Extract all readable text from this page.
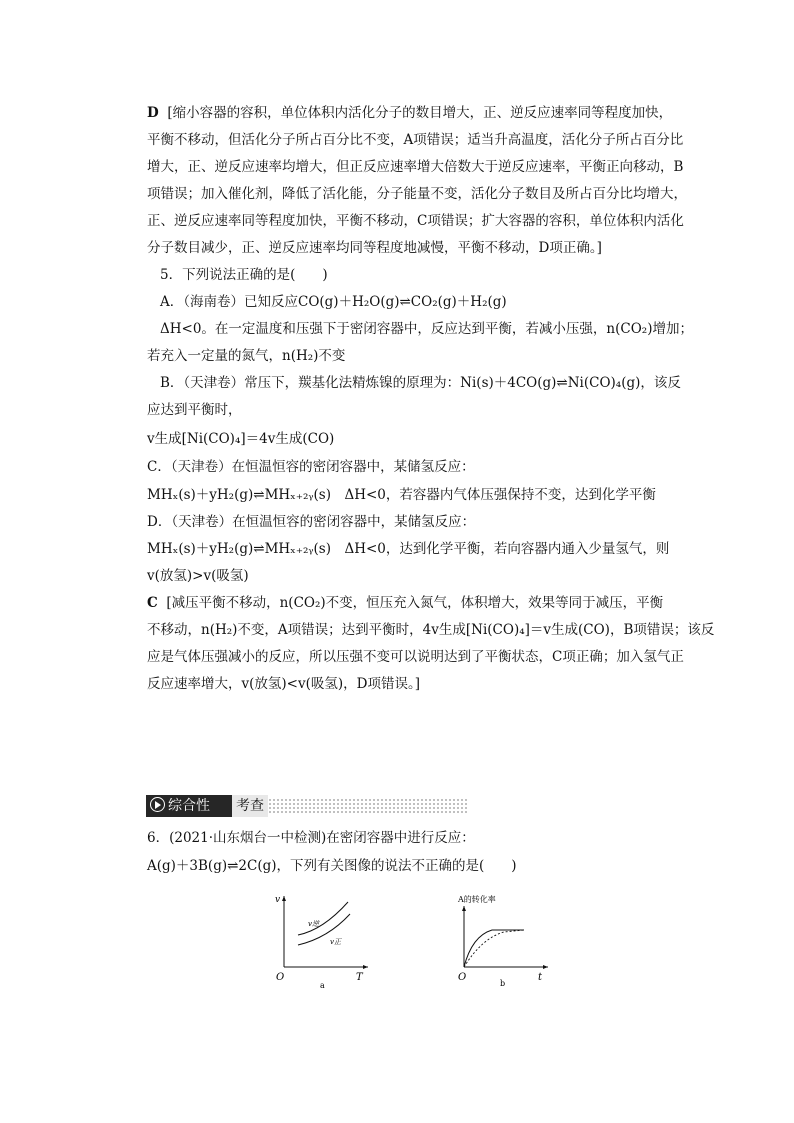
D [缩小容器的容积，单位体积内活化分子的数目增大，正、逆反应速率同等程度加快，
平衡不移动，但活化分子所占百分比不变，A项错误；适当升高温度，活化分子所占百分比
增大，正、逆反应速率均增大，但正反应速率增大倍数大于逆反应速率，平衡正向移动，B
项错误；加入催化剂，降低了活化能，分子能量不变，活化分子数目及所占百分比均增大，
正、逆反应速率同等程度加快，平衡不移动，C项错误；扩大容器的容积，单位体积内活化
分子数目减少，正、逆反应速率均同等程度地减慢，平衡不移动，D项正确。]
5．下列说法正确的是(　　)
A．（海南卷）已知反应CO(g)＋H₂O(g)⇌CO₂(g)＋H₂(g)
ΔH<0。在一定温度和压强下于密闭容器中，反应达到平衡，若减小压强，n(CO₂)增加；
若充入一定量的氮气，n(H₂)不变
B．（天津卷）常压下，羰基化法精炼镍的原理为：Ni(s)＋4CO(g)⇌Ni(CO)₄(g)，该反
应达到平衡时，
v生成[Ni(CO)₄]＝4v生成(CO)
C．（天津卷）在恒温恒容的密闭容器中，某储氢反应：
MHₓ(s)＋yH₂(g)⇌MHₓ₊₂ᵧ(s)　ΔH<0，若容器内气体压强保持不变，达到化学平衡
D．（天津卷）在恒温恒容的密闭容器中，某储氢反应：
MHₓ(s)＋yH₂(g)⇌MHₓ₊₂ᵧ(s)　ΔH<0，达到化学平衡，若向容器内通入少量氢气，则
v(放氢)>v(吸氢)
C [减压平衡不移动，n(CO₂)不变，恒压充入氮气，体积增大，效果等同于减压，平衡
不移动，n(H₂)不变，A项错误；达到平衡时，4v生成[Ni(CO)₄]＝v生成(CO)，B项错误；该反
应是气体压强减小的反应，所以压强不变可以说明达到了平衡状态，C项正确；加入氢气正
反应速率增大，v(放氢)<v(吸氢)，D项错误。]
综合性	考查
6．(2021·山东烟台一中检测)在密闭容器中进行反应：
A(g)＋3B(g)⇌2C(g)，下列有关图像的说法不正确的是(　　)
v
T
O
v逆
v正
a
A的转化率
t
O
b
